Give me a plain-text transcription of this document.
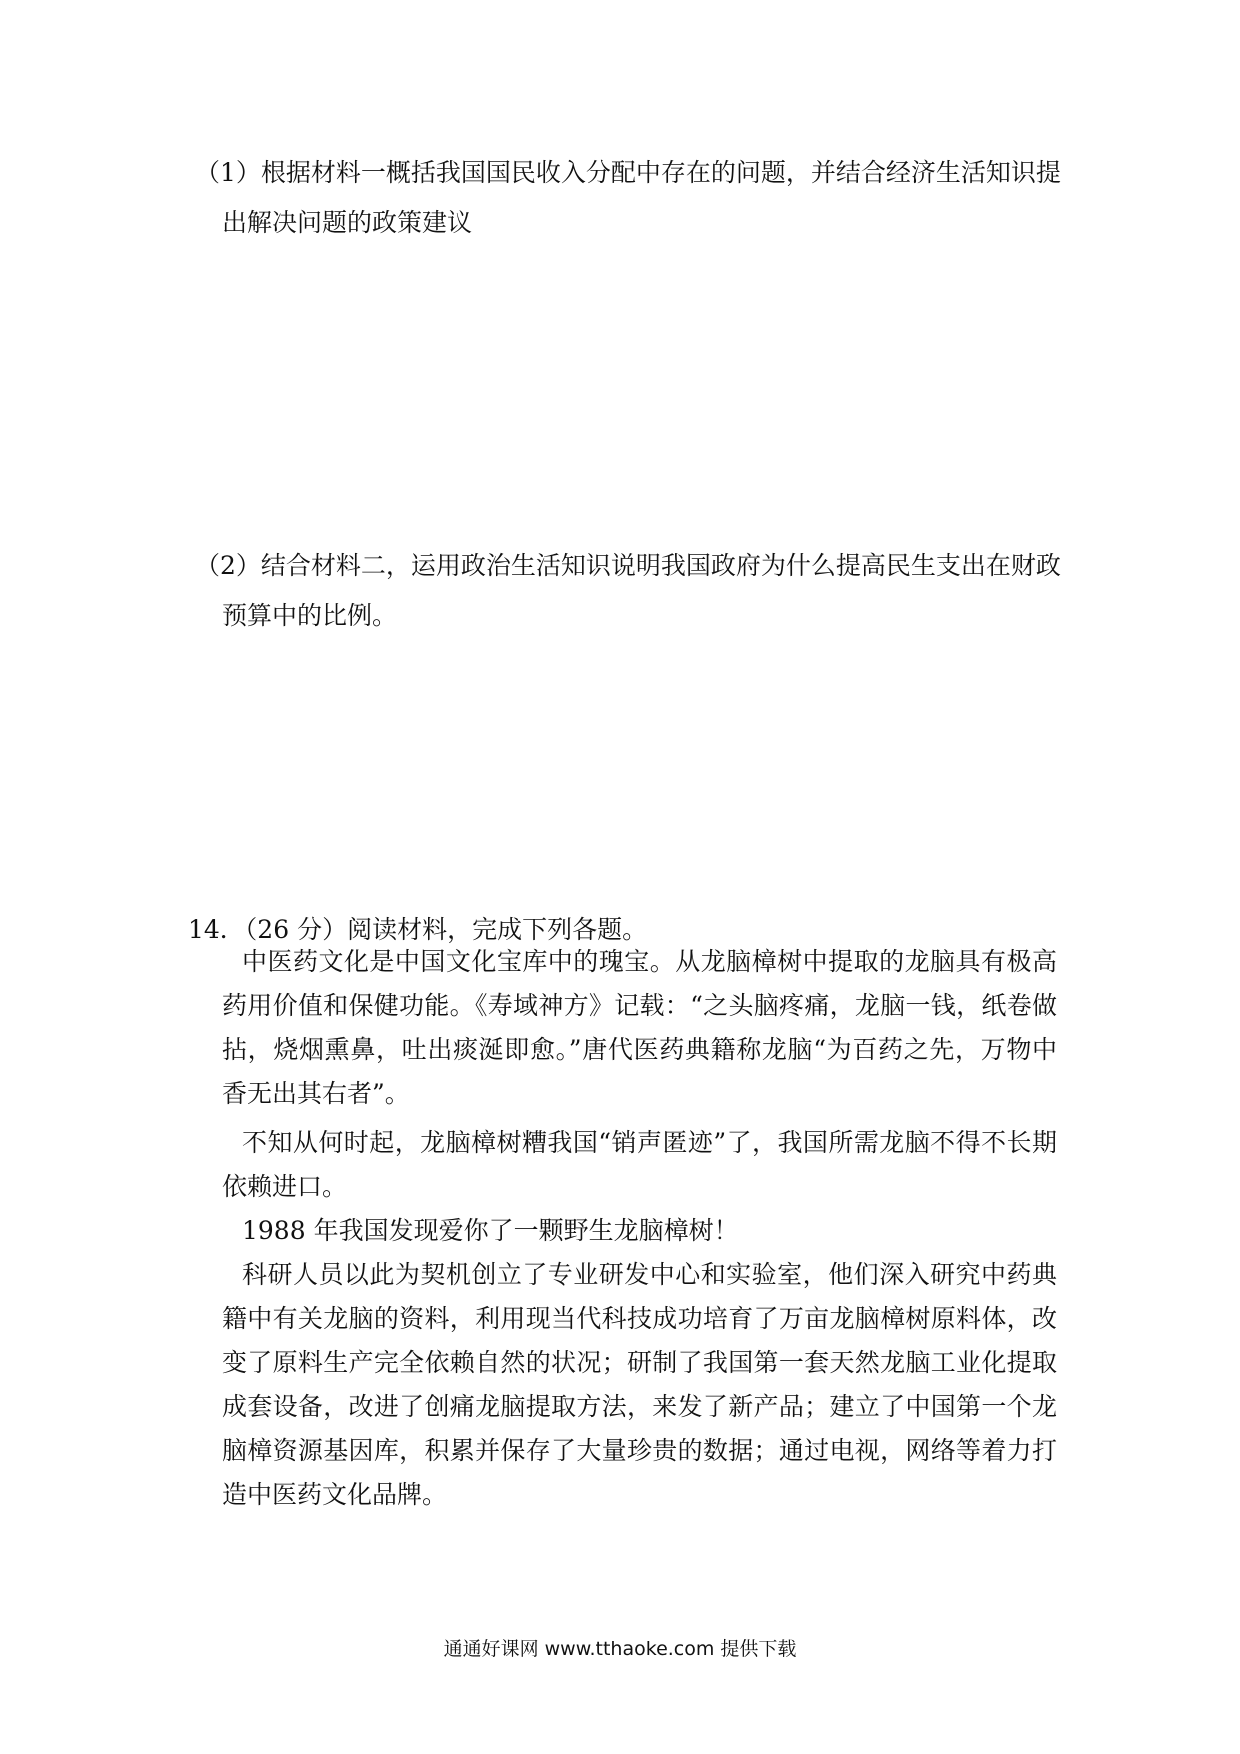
（1）根据材料一概括我国国民收入分配中存在的问题，并结合经济生活知识提

出解决问题的政策建议

（2）结合材料二，运用政治生活知识说明我国政府为什么提高民生支出在财政

预算中的比例。

14．（26 分）阅读材料，完成下列各题。

中医药文化是中国文化宝库中的瑰宝。从龙脑樟树中提取的龙脑具有极高药用价值和保健功能。《寿域神方》记载：“之头脑疼痛，龙脑一钱，纸卷做拈，烧烟熏鼻，吐出痰涎即愈。”唐代医药典籍称龙脑“为百药之先，万物中香无出其右者”。

不知从何时起，龙脑樟树糟我国“销声匿迹”了，我国所需龙脑不得不长期依赖进口。

1988 年我国发现爱你了一颗野生龙脑樟树！

科研人员以此为契机创立了专业研发中心和实验室，他们深入研究中药典籍中有关龙脑的资料，利用现当代科技成功培育了万亩龙脑樟树原料体，改变了原料生产完全依赖自然的状况；研制了我国第一套天然龙脑工业化提取成套设备，改进了创痛龙脑提取方法，来发了新产品；建立了中国第一个龙脑樟资源基因库，积累并保存了大量珍贵的数据；通过电视，网络等着力打造中医药文化品牌。

通通好课网 www.tthaoke.com 提供下载
